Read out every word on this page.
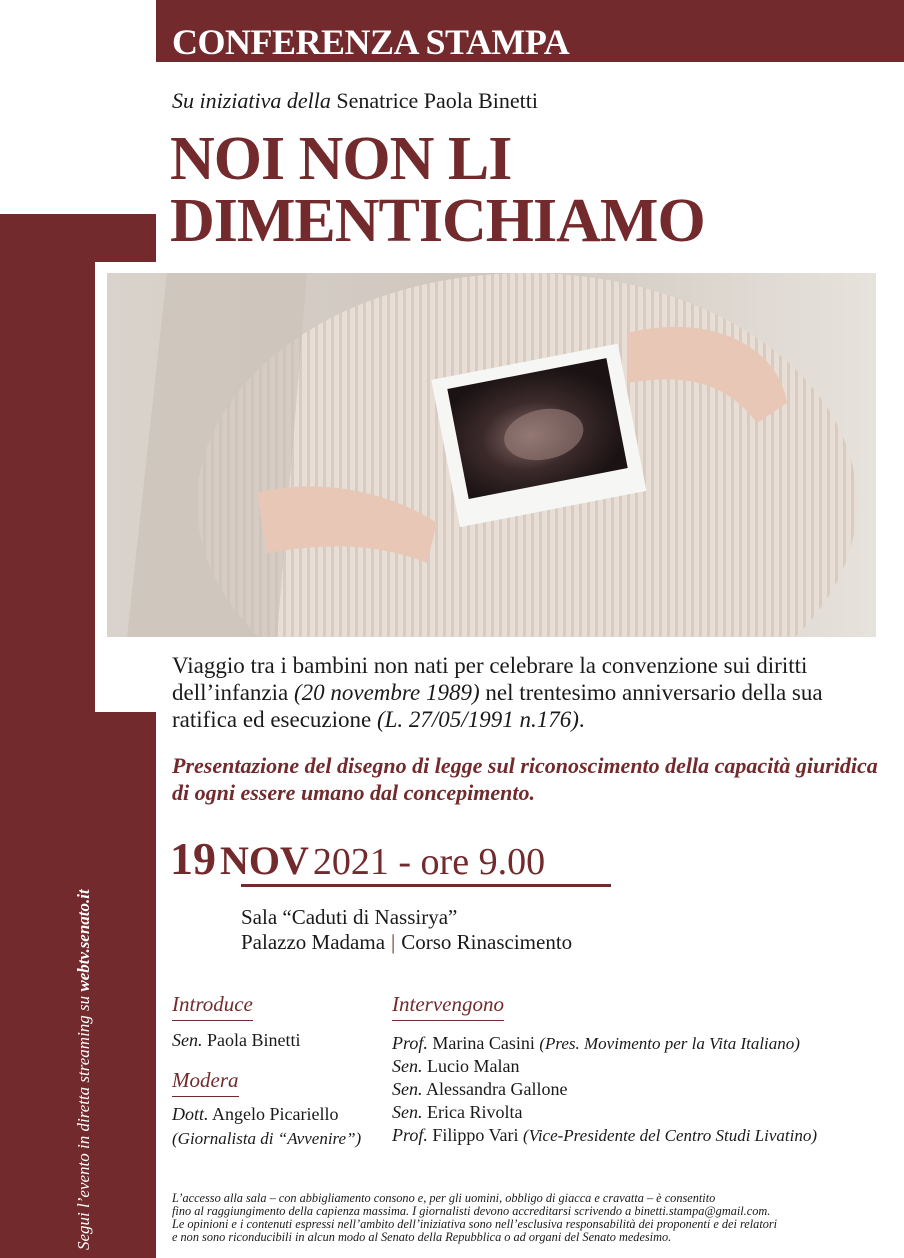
CONFERENZA STAMPA
Segui l’evento in diretta streaming su webtv.senato.it
Su iniziativa della Senatrice Paola Binetti
NOI NON LI
DIMENTICHIAMO
Viaggio tra i bambini non nati per celebrare la convenzione sui diritti dell’infanzia (20 novembre 1989) nel trentesimo anniversario della sua ratifica ed esecuzione (L. 27/05/1991 n.176).
Presentazione del disegno di legge sul riconoscimento della capacità giuridica di ogni essere umano dal concepimento.
19 NOV 2021 - ore 9.00
Sala “Caduti di Nassirya”
Palazzo Madama | Corso Rinascimento
Introduce
Sen. Paola Binetti
Modera
Dott. Angelo Picariello
(Giornalista di “Avvenire”)
Intervengono
Prof. Marina Casini (Pres. Movimento per la Vita Italiano)
Sen. Lucio Malan
Sen. Alessandra Gallone
Sen. Erica Rivolta
Prof. Filippo Vari (Vice-Presidente del Centro Studi Livatino)
L’accesso alla sala – con abbigliamento consono e, per gli uomini, obbligo di giacca e cravatta – è consentito
fino al raggiungimento della capienza massima. I giornalisti devono accreditarsi scrivendo a binetti.stampa@gmail.com.
Le opinioni e i contenuti espressi nell’ambito dell’iniziativa sono nell’esclusiva responsabilità dei proponenti e dei relatori
e non sono riconducibili in alcun modo al Senato della Repubblica o ad organi del Senato medesimo.
